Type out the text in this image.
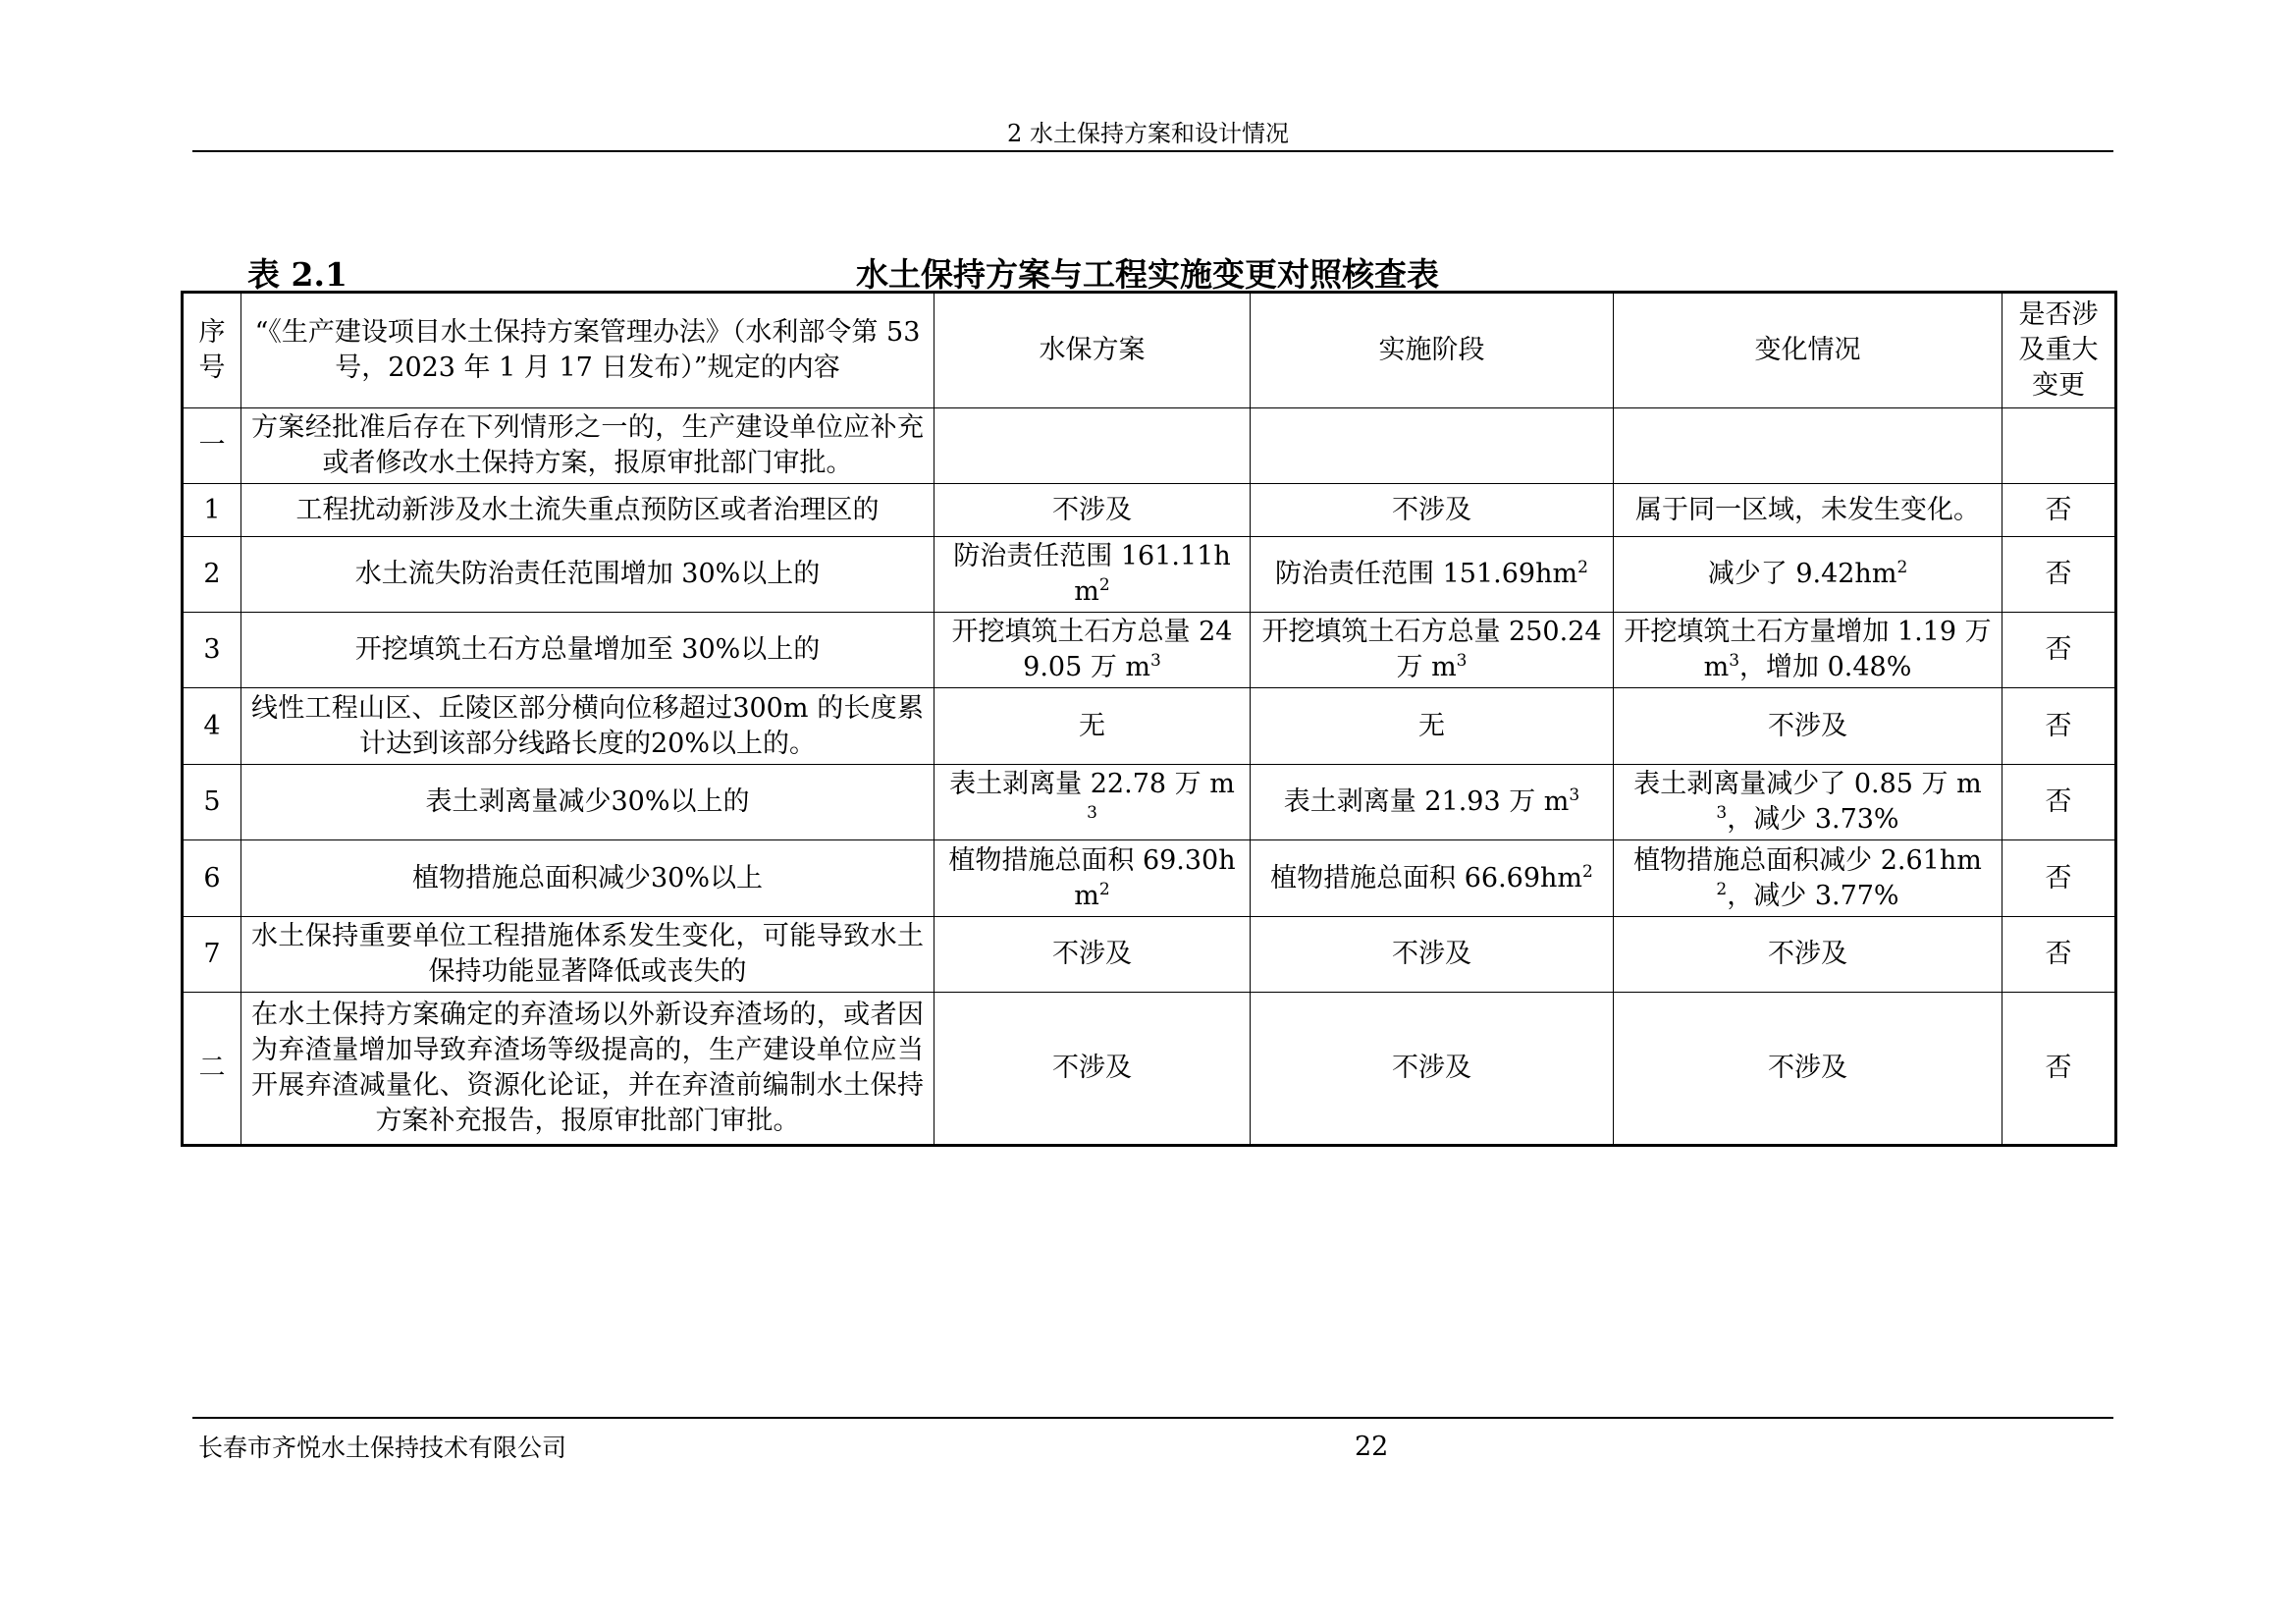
2 水土保持方案和设计情况
水土保持方案与工程实施变更对照核查表
表 2.1
序号	“《生产建设项目水土保持方案管理办法》（水利部令第 53 号，2023 年 1 月 17 日发布）”规定的内容	水保方案	实施阶段	变化情况	是否涉及重大变更
一	方案经批准后存在下列情形之一的，生产建设单位应补充或者修改水土保持方案，报原审批部门审批。				
1	工程扰动新涉及水土流失重点预防区或者治理区的	不涉及	不涉及	属于同一区域，未发生变化。	否
2	水土流失防治责任范围增加 30%以上的	防治责任范围 $161.11hm^2$	防治责任范围 $151.69hm^2$	减少了 $9.42hm^2$	否
3	开挖填筑土石方总量增加至 30%以上的	开挖填筑土石方总量 249.05 万 $m^3$	开挖填筑土石方总量 250.24 万 $m^3$	开挖填筑土石方量增加 1.19 万 $m^3$，增加 0.48%	否
4	线性工程山区、丘陵区部分横向位移超过300m 的长度累计达到该部分线路长度的20%以上的。	无	无	不涉及	否
5	表土剥离量减少30%以上的	表土剥离量 22.78 万 $m^3$	表土剥离量 21.93 万 $m^3$	表土剥离量减少了 0.85 万 $m^3$，减少 3.73%	否
6	植物措施总面积减少30%以上	植物措施总面积 $69.30hm^2$	植物措施总面积 $66.69hm^2$	植物措施总面积减少 $2.61hm^2$，减少 3.77%	否
7	水土保持重要单位工程措施体系发生变化，可能导致水土保持功能显著降低或丧失的	不涉及	不涉及	不涉及	否
二	在水土保持方案确定的弃渣场以外新设弃渣场的，或者因为弃渣量增加导致弃渣场等级提高的，生产建设单位应当开展弃渣减量化、资源化论证，并在弃渣前编制水土保持方案补充报告，报原审批部门审批。	不涉及	不涉及	不涉及	否
长春市齐悦水土保持技术有限公司	22
